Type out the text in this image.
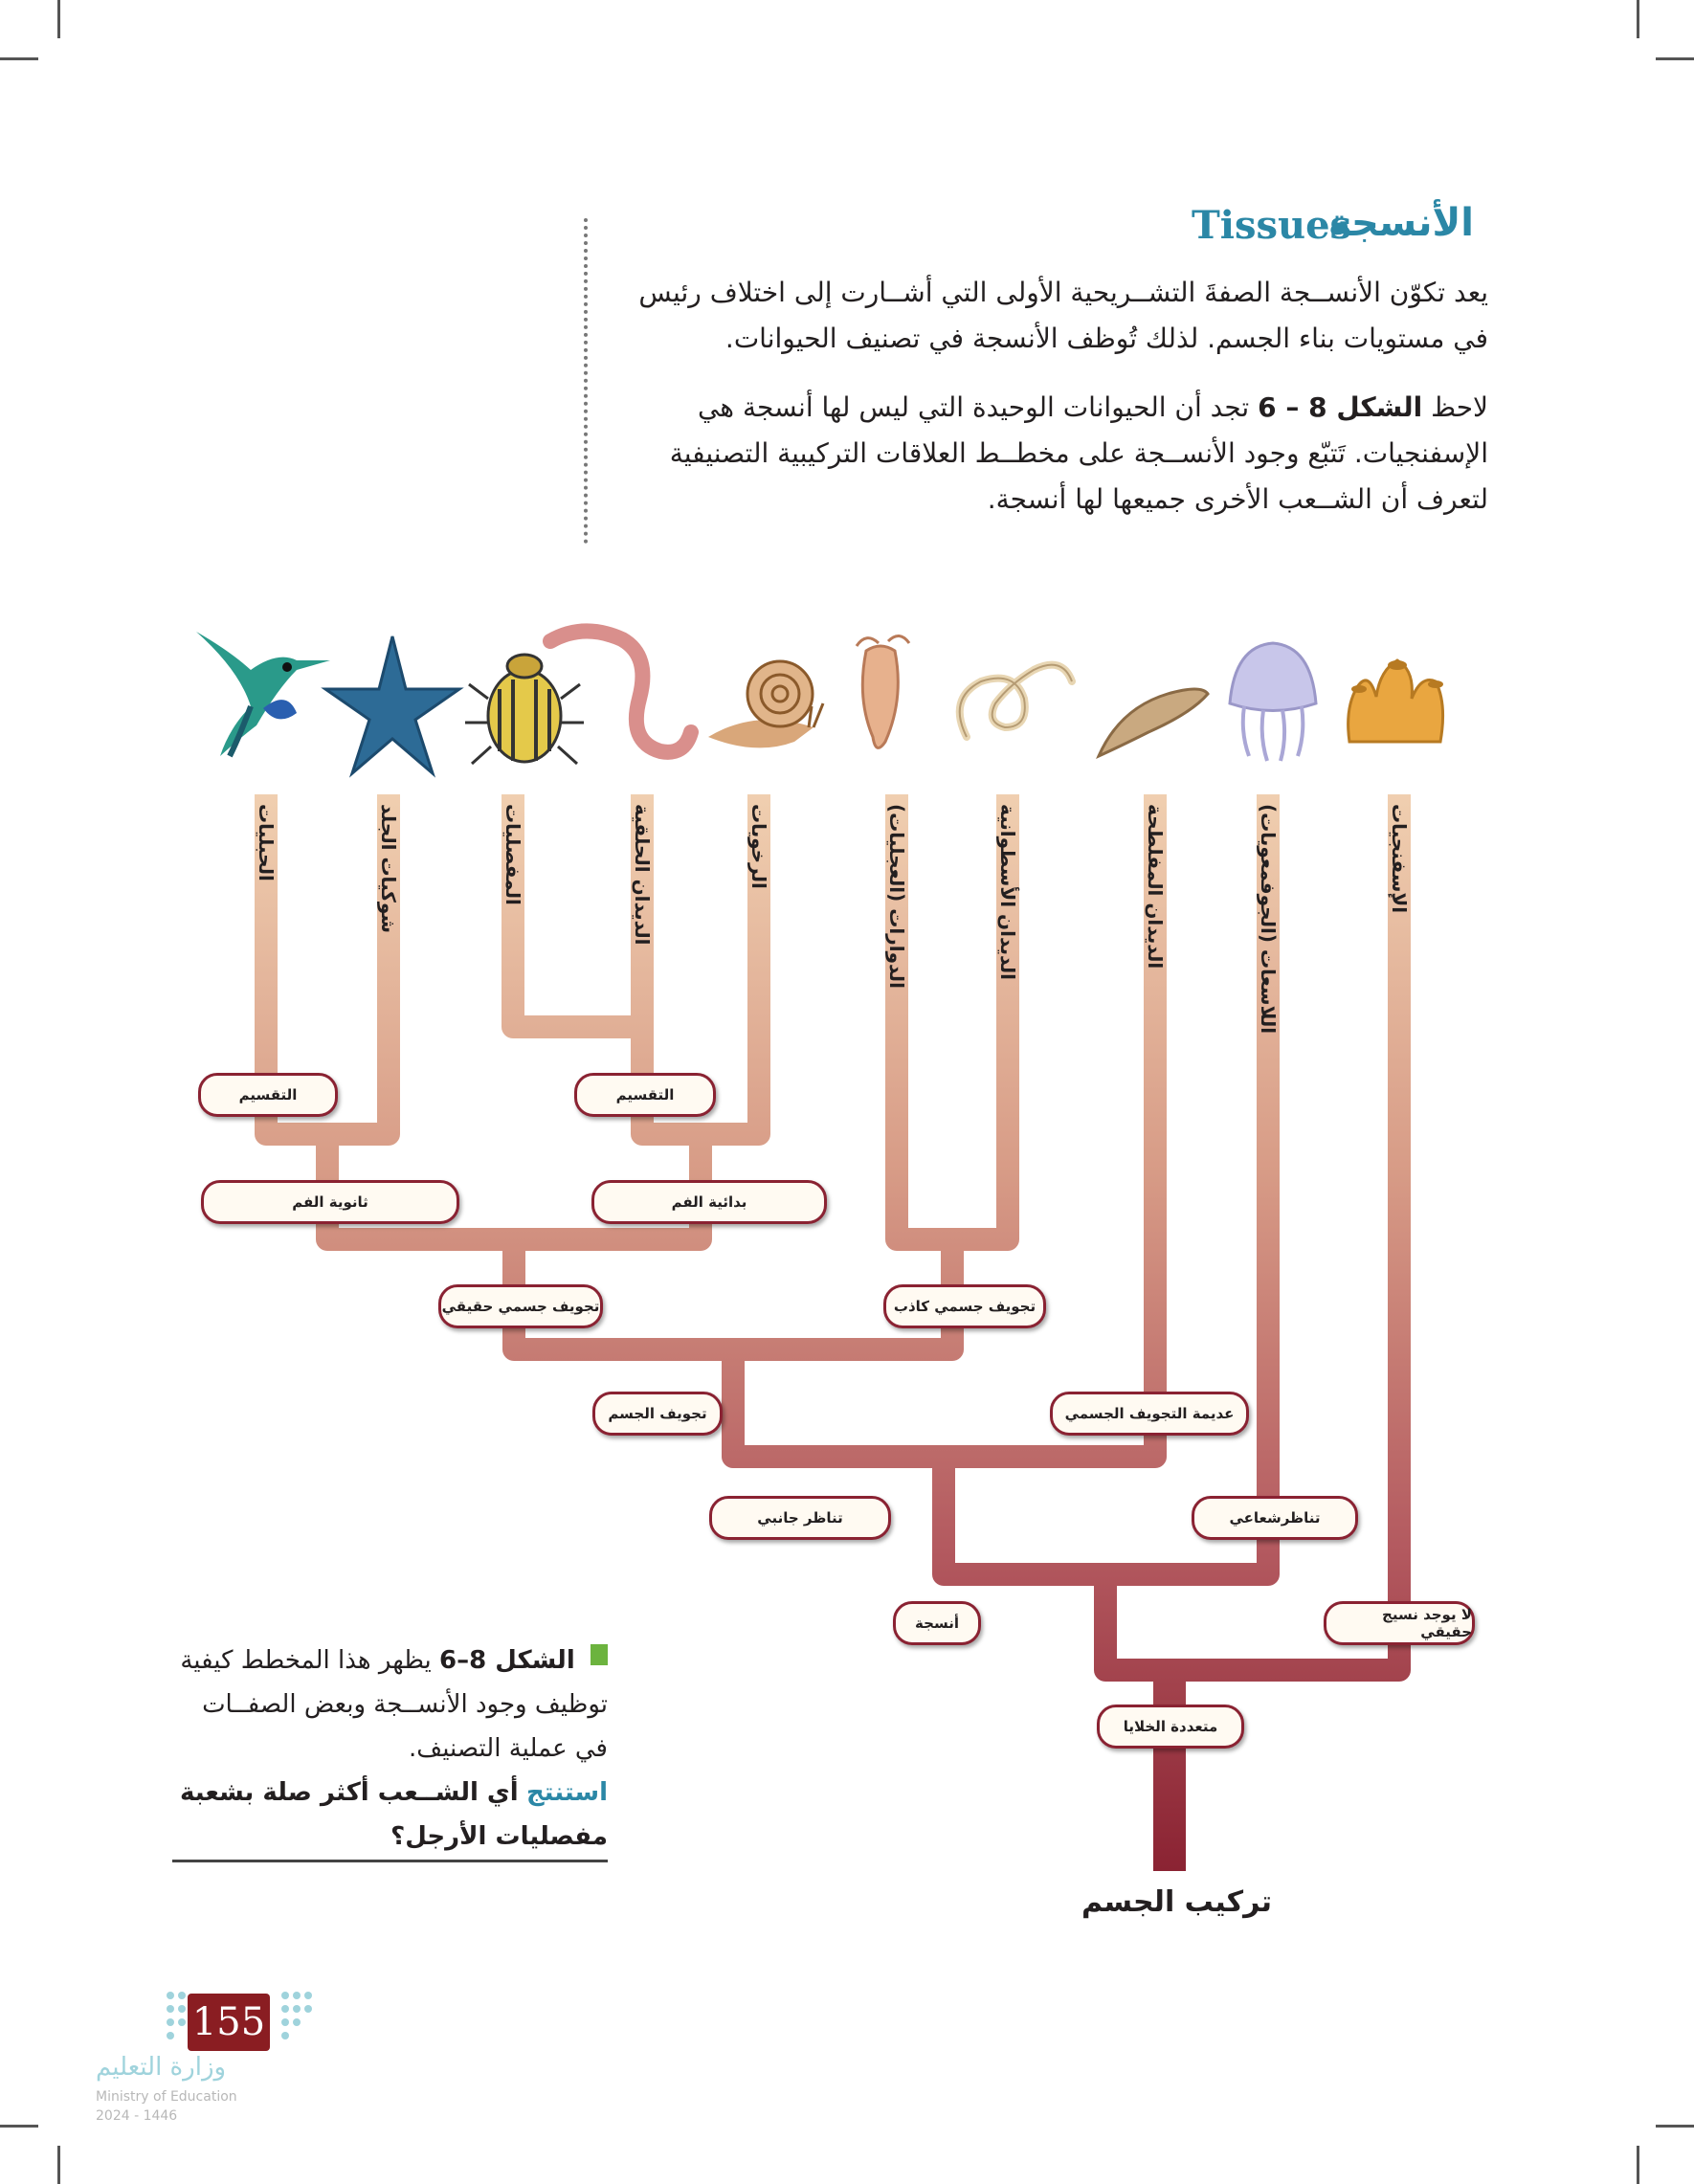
الأنسجة
Tissues
يعد تكوّن الأنســجة الصفةَ التشــريحية الأولى التي أشــارت إلى اختلاف رئيس في مستويات بناء الجسم. لذلك تُوظف الأنسجة في تصنيف الحيوانات.
لاحظ الشكل 8 – 6 تجد أن الحيوانات الوحيدة التي ليس لها أنسجة هي الإسفنجيات. تَتبّع وجود الأنســجة على مخطــط العلاقات التركيبية التصنيفية لتعرف أن الشــعب الأخرى جميعها لها أنسجة.
الحبليات	شوكيات الجلد	المفصليات	الديدان الحلقية	الرخويات	الدوارات (العجليات)	الديدان الأسطوانية	الديدان المفلطحة	اللاسعات (الجوفمعويات)	الإسفنجيات
التقسيم	التقسيم
ثانوية الفم	بدائية الفم
تجويف جسمي حقيقي	تجويف جسمي كاذب
تجويف الجسم	عديمة التجويف الجسمي
تناظر جانبي	تناظرشعاعي
أنسجة	لا يوجد نسيج حقيقي
متعددة الخلايا
تركيب الجسم
الشكل 8–6 يظهر هذا المخطط كيفية توظيف وجود الأنســجة وبعض الصفــات في عملية التصنيف.
استنتج أي الشــعب أكثر صلة بشعبة مفصليات الأرجل؟
155
وزارة التعليم
Ministry of Education
2024 - 1446
